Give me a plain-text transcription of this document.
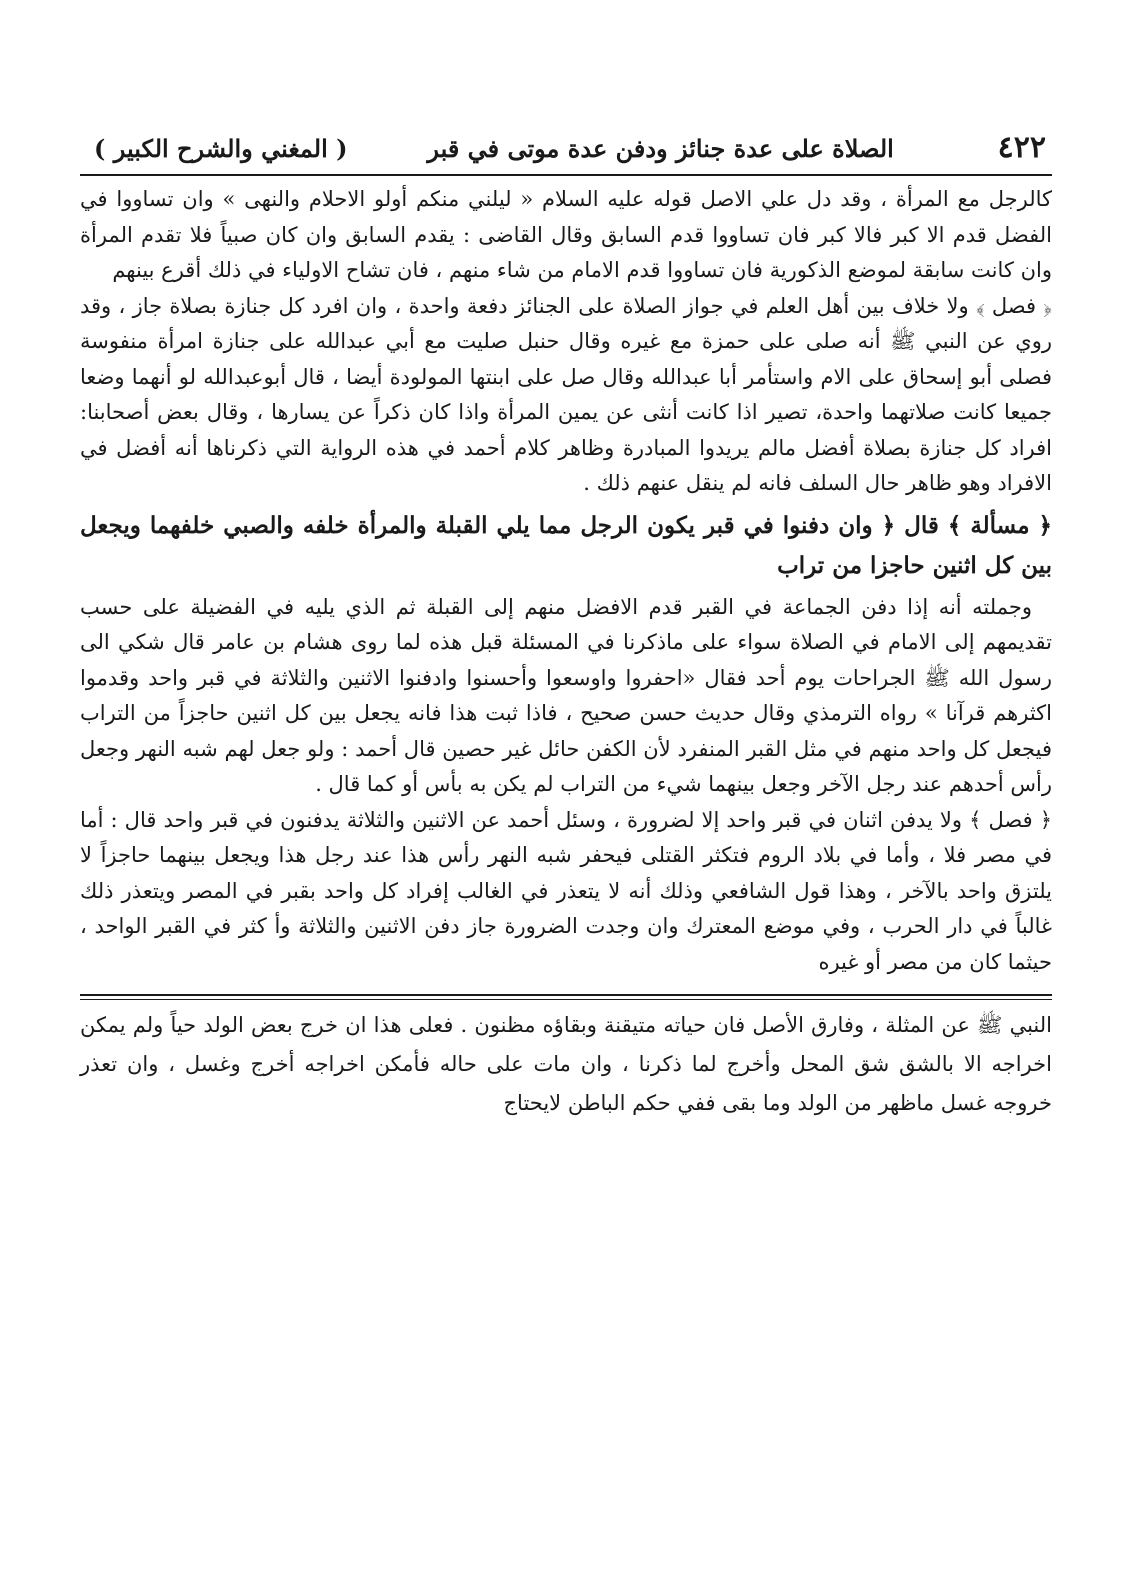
٤٢٢
الصلاة على عدة جنائز ودفن عدة موتى في قبر
( المغني والشرح الكبير )

كالرجل مع المرأة ، وقد دل علي الاصل قوله عليه السلام « ليلني منكم أولو الاحلام والنهى » وان تساووا في الفضل قدم الا كبر فالا كبر فان تساووا قدم السابق وقال القاضى : يقدم السابق وان كان صبياً فلا تقدم المرأة وان كانت سابقة لموضع الذكورية فان تساووا قدم الامام من شاء منهم ، فان تشاح الاولياء في ذلك أقرع بينهم

﴿ فصل ﴾ ولا خلاف بين أهل العلم في جواز الصلاة على الجنائز دفعة واحدة ، وان افرد كل جنازة بصلاة جاز ، وقد روي عن النبي ﷺ أنه صلى على حمزة مع غيره وقال حنبل صليت مع أبي عبدالله على جنازة امرأة منفوسة فصلى أبو إسحاق على الام واستأمر أبا عبدالله وقال صل على ابنتها المولودة أيضا ، قال أبوعبدالله لو أنهما وضعا جميعا كانت صلاتهما واحدة، تصير اذا كانت أنثى عن يمين المرأة واذا كان ذكراً عن يسارها ، وقال بعض أصحابنا: افراد كل جنازة بصلاة أفضل مالم يريدوا المبادرة وظاهر كلام أحمد في هذه الرواية التي ذكرناها أنه أفضل في الافراد وهو ظاهر حال السلف فانه لم ينقل عنهم ذلك .

﴿ مسألة ﴾ قال ﴿ وان دفنوا في قبر يكون الرجل مما يلي القبلة والمرأة خلفه والصبي خلفهما ويجعل بين كل اثنين حاجزا من تراب

وجملته أنه إذا دفن الجماعة في القبر قدم الافضل منهم إلى القبلة ثم الذي يليه في الفضيلة على حسب تقديمهم إلى الامام في الصلاة سواء على ماذكرنا في المسئلة قبل هذه لما روى هشام بن عامر قال شكي الى رسول الله ﷺ الجراحات يوم أحد فقال «احفروا واوسعوا وأحسنوا وادفنوا الاثنين والثلاثة في قبر واحد وقدموا اكثرهم قرآنا » رواه الترمذي وقال حديث حسن صحيح ، فاذا ثبت هذا فانه يجعل بين كل اثنين حاجزاً من التراب فيجعل كل واحد منهم في مثل القبر المنفرد لأن الكفن حائل غير حصين قال أحمد : ولو جعل لهم شبه النهر وجعل رأس أحدهم عند رجل الآخر وجعل بينهما شيء من التراب لم يكن به بأس أو كما قال .

﴿ فصل ﴾ ولا يدفن اثنان في قبر واحد إلا لضرورة ، وسئل أحمد عن الاثنين والثلاثة يدفنون في قبر واحد قال : أما في مصر فلا ، وأما في بلاد الروم فتكثر القتلى فيحفر شبه النهر رأس هذا عند رجل هذا ويجعل بينهما حاجزاً لا يلتزق واحد بالآخر ، وهذا قول الشافعي وذلك أنه لا يتعذر في الغالب إفراد كل واحد بقبر في المصر ويتعذر ذلك غالباً في دار الحرب ، وفي موضع المعترك وان وجدت الضرورة جاز دفن الاثنين والثلاثة وأ كثر في القبر الواحد ، حيثما كان من مصر أو غيره

النبي ﷺ عن المثلة ، وفارق الأصل فان حياته متيقنة وبقاؤه مظنون . فعلى هذا ان خرج بعض الولد حياً ولم يمكن اخراجه الا بالشق شق المحل وأخرج لما ذكرنا ، وان مات على حاله فأمكن اخراجه أخرج وغسل ، وان تعذر خروجه غسل ماظهر من الولد وما بقى ففي حكم الباطن لايحتاج
